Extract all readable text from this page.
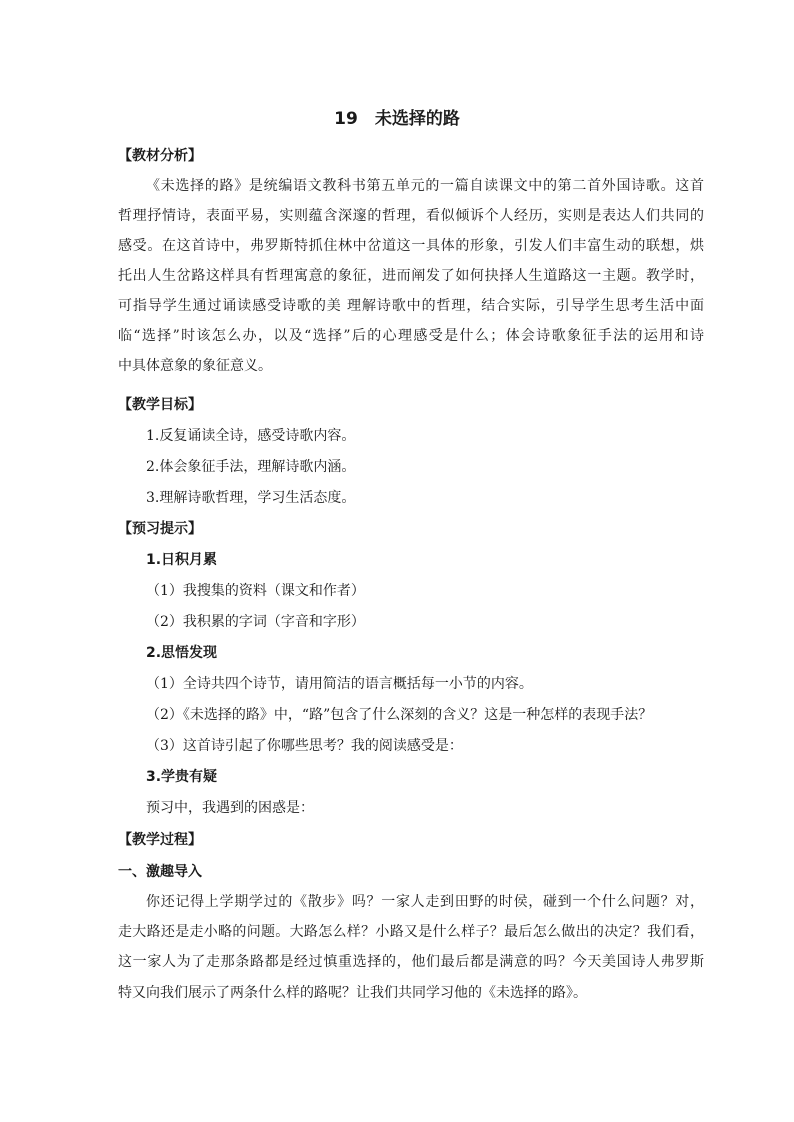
19　未选择的路
【教材分析】
《未选择的路》是统编语文教科书第五单元的一篇自读课文中的第二首外国诗歌。这首
哲理抒情诗，表面平易，实则蕴含深邃的哲理，看似倾诉个人经历，实则是表达人们共同的
感受。在这首诗中，弗罗斯特抓住林中岔道这一具体的形象，引发人们丰富生动的联想，烘
托出人生岔路这样具有哲理寓意的象征，进而阐发了如何抉择人生道路这一主题。教学时，
可指导学生通过诵读感受诗歌的美 理解诗歌中的哲理，结合实际，引导学生思考生活中面
临“选择”时该怎么办，以及“选择”后的心理感受是什么；体会诗歌象征手法的运用和诗
中具体意象的象征意义。
【教学目标】
1.反复诵读全诗，感受诗歌内容。
2.体会象征手法，理解诗歌内涵。
3.理解诗歌哲理，学习生活态度。
【预习提示】
1.日积月累
（1）我搜集的资料（课文和作者）
（2）我积累的字词（字音和字形）
2.思悟发现
（1）全诗共四个诗节，请用简洁的语言概括每一小节的内容。
（2）《未选择的路》中，“路”包含了什么深刻的含义？这是一种怎样的表现手法？
（3）这首诗引起了你哪些思考？我的阅读感受是：
3.学贵有疑
预习中，我遇到的困惑是：
【教学过程】
一、激趣导入
你还记得上学期学过的《散步》吗？一家人走到田野的时侯，碰到一个什么问题？对，
走大路还是走小略的问题。大路怎么样？小路又是什么样子？最后怎么做出的决定？我们看，
这一家人为了走那条路都是经过慎重选择的，他们最后都是满意的吗？今天美国诗人弗罗斯
特又向我们展示了两条什么样的路呢？让我们共同学习他的《未选择的路》。
